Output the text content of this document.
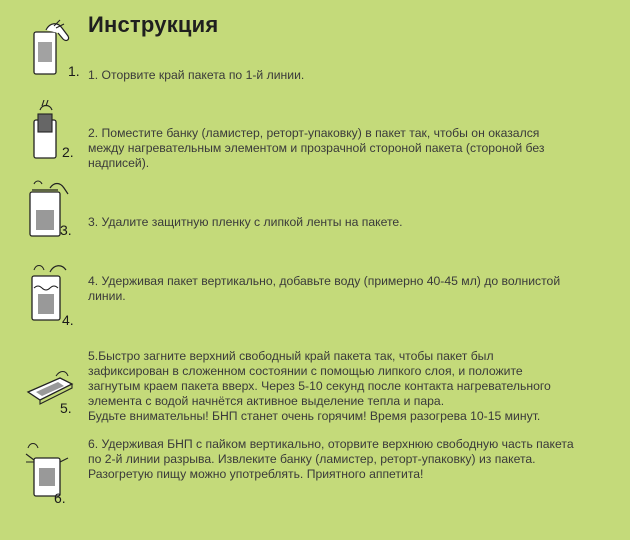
Инструкция
1. 1. Оторвите край пакета по 1-й линии.
2.
2. Поместите банку (ламистер, реторт-упаковку) в пакет так, чтобы он оказался
между нагревательным элементом и прозрачной стороной пакета (стороной без
надписей).
3. 3. Удалите защитную пленку с липкой ленты на пакете.
4.
4. Удерживая пакет вертикально, добавьте воду (примерно 40-45 мл) до волнистой
линии.
5.
5.Быстро загните верхний свободный край пакета так, чтобы пакет был
зафиксирован в сложенном состоянии с помощью липкого слоя, и положите
загнутым краем пакета вверх. Через 5-10 секунд после контакта нагревательного
элемента с водой начнётся активное выделение тепла и пара.
Будьте внимательны! БНП станет очень горячим! Время разогрева 10-15 минут.
6.
6. Удерживая БНП с пайком вертикально, оторвите верхнюю свободную часть пакета
по 2-й линии разрыва. Извлеките банку (ламистер, реторт-упаковку) из пакета.
Разогретую пищу можно употреблять. Приятного аппетита!
